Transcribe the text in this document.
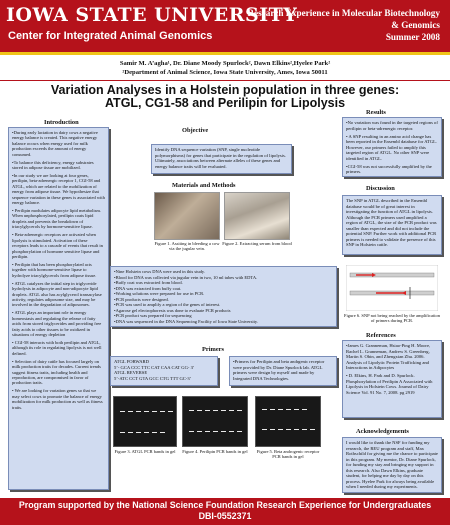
IOWA STATE UNIVERSITY
Center for Integrated Animal Genomics
Research Experience in Molecular Biotechnology & Genomics
Summer 2008
Samir M. A’agha¹, Dr. Diane Moody Spurlock², Dawn Elkins²,Hyelee Park²
²Department of Animal Science, Iowa State University, Ames, Iowa 50011
Variation Analyses in a Holstein population in three genes:
ATGL, CG1-58 and Perilipin for Lipolysis
Introduction

•During early lactation in dairy cows a negative energy balance is created. This negative energy balance occurs when energy used for milk production exceeds the amount of energy consumed.

•To balance this deficiency, energy substrates stored in adipose tissue are mobilized.

•In our study we are looking at four genes, perilipin, beta-adrenergic receptor 1, CGI-58 and ATGL, which are related to the mobilization of energy from adipose tissue. We hypothesize that sequence variation in these genes is associated with energy balance.

• Perilipin modulates adipocyte lipid metabolism. When unphosphorylated, perilipin coats lipid droplets and prevents the breakdown of triacylglycerols by hormone-sensitive lipase.

• Beta-adrenergic receptors are activated when lipolysis is stimulated. Activation of these receptors leads to a cascade of events that result in phosphorylation of hormone sensitive lipase and perilipin.

• Perilipin that has been phosphorylated acts together with hormone-sensitive lipase to hydrolyze triacylglycerols from adipose tissue.

• ATGL catalyzes the initial step in triglyceride hydrolysis in adipocyte and non-adipocyte lipid droplets. ATGL also has acylglycerol transacylase activity, regulates adiposome size, and may be involved in the degradation of adiposomes.

• ATGL plays an important role in energy homeostasis and regulating the release of fatty acids from stored triglycerides and providing free fatty acids to other tissues to be oxidized in situations of energy depletion

• CGI-58 interacts with both perilipin and ATGL, although its role in regulating lipolysis is not well defined.

• Selection of dairy cattle has focused largely on milk production traits for decades. Current trends suggest fitness traits, including health and reproduction, are compromised in favor of production traits.

• We are looking for variation genes so that we may select cows to promote the balance of energy mobilization for milk production as well as fitness traits.

Objective
Identify DNA sequence variation (SNP, single nucleotide polymorphisms) for genes that participate in the regulation of lipolysis. Ultimately, associations between alternate alleles of these genes and energy balance traits will be evaluated.
Materials and Methods
Figure 1. Assiting in bleeding a cow via the jugular vein.
Figure 2. Extracting serum from blood
•Nine Holstein cows DNA were used in this study.
•Blood for DNA was collected via jugular vein in two, 10 ml tubes with EDTA.
•Buffy coat was extracted from blood.
•DNA was extracted from buffy coat.
•Working solutions were prepared for use in PCR.
•PCR products were designed.
•PCR was used to amplify a region of the genes of interest.
•Agarose gel electrophoresis was done to evaluate PCR products
•PCR product was prepared for sequencing
•DNA was sequenced in the DNA Sequencing Facility of Iowa State University.
Primers
ATGL FORWARD
5’- GCA CCC TTC CAT CAA CAT GG- 3’
ATGL REVERSE
5’-ATC CCT GTA GCC CTG TTT GC-3’
•Primers for Perilipin and beta andrgenic receptor were provided by Dr. Diane Spurlock lab. ATGL primers were design by myself and made by Integrated DNA Technologies.
Figure 3. ATGL PCR bands in gel	Figure 4. Perilipin PCR bands in gel	Figure 5. Beta androgenic receptor PCR bands in gel
Results

•No variation was found in the targeted regions of perilipin or beta-adrenergic receptor.

• A SNP resulting in an amino acid change has been reported in the Ensembl database for ATGL. However, our primers failed to amplify this targeted region of ATGL. No other SNP were identified in ATGL.

•CGI-58 was not successfully amplified by the primers.

Discussion
The SNP in ATGL described in the Ensembl database would be of great interest in investigating the function of ATGL in lipolysis. Although the PCR primers used amplified a region of ATGL, the size of the PCR product was smaller than expected and did not include the potential SNP. Further work with additional PCR primers is needed to validate the presence of this SNP in Holstein cattle.
Figure 6. SNP not being reached by the amplification of primers during PCR.
References

•James G. Granneman, Hsiao-Ping H. Moore, Rachel L. Granneman, Andrew S. Greenberg, Martin S. Obin, and Zhengxian Zhu. 2006. Analysis of Lipolytic Protein Trafficking and Interactions in Adipocytes

• D. Elkins, H. Park and D. Spurlock. Phosphorylation of Perilipin A Associated with Lipolysis in Holstein Cows. Journal of Dairy Science Vol. 91 No. 7, 2008. pg 2919

Acknowledgements
I would like to thank the NSF for funding my research, the REU program and staff, Max Rothschild for giving me the chance to participate in this program. My mentor, Dr. Diane Spurlock, for funding my stay and bringing my support in this research. Also Dawn Elkins, graduate student, for helping me day by day on this process. Hyelee Park for always being available when I needed during my experiments.
Program supported by the National Science Foundation Research Experience for Undergraduates
DBI-0552371
